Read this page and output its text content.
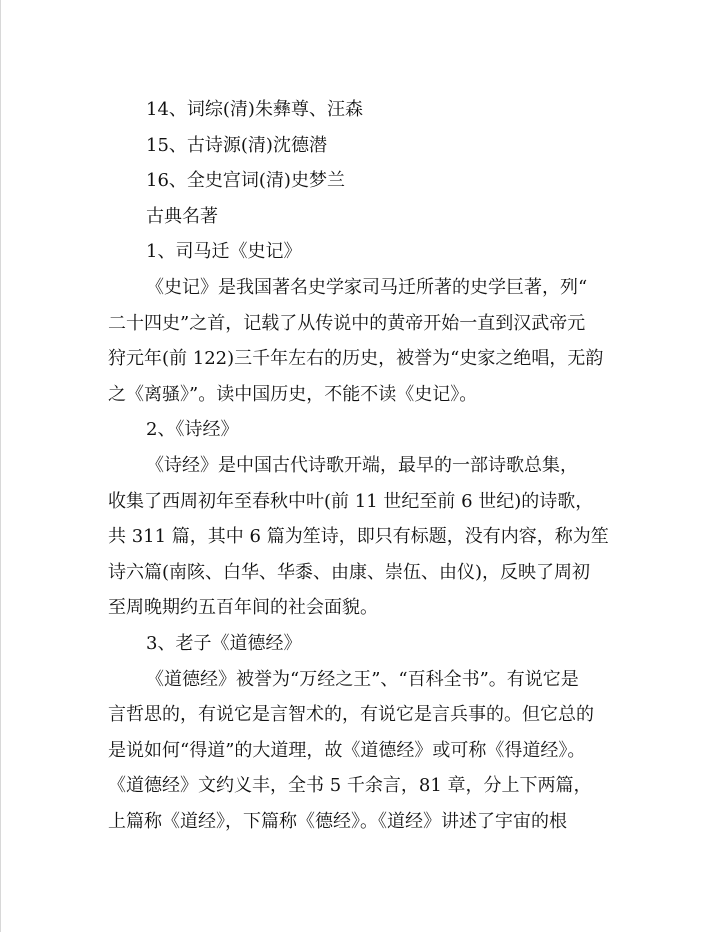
14、词综(清)朱彝尊、汪森
15、古诗源(清)沈德潜
16、全史宫词(清)史梦兰
古典名著
1、司马迁《史记》
《史记》是我国著名史学家司马迁所著的史学巨著，列“
二十四史”之首，记载了从传说中的黄帝开始一直到汉武帝元
狩元年(前 122)三千年左右的历史，被誉为“史家之绝唱，无韵
之《离骚》”。读中国历史，不能不读《史记》。
2、《诗经》
《诗经》是中国古代诗歌开端，最早的一部诗歌总集，
收集了西周初年至春秋中叶(前 11 世纪至前 6 世纪)的诗歌，
共 311 篇，其中 6 篇为笙诗，即只有标题，没有内容，称为笙
诗六篇(南陔、白华、华黍、由康、崇伍、由仪)，反映了周初
至周晚期约五百年间的社会面貌。
3、老子《道德经》
《道德经》被誉为“万经之王”、“百科全书”。有说它是
言哲思的，有说它是言智术的，有说它是言兵事的。但它总的
是说如何“得道”的大道理，故《道德经》或可称《得道经》。
《道德经》文约义丰，全书 5 千余言，81 章，分上下两篇，
上篇称《道经》，下篇称《德经》。《道经》讲述了宇宙的根
